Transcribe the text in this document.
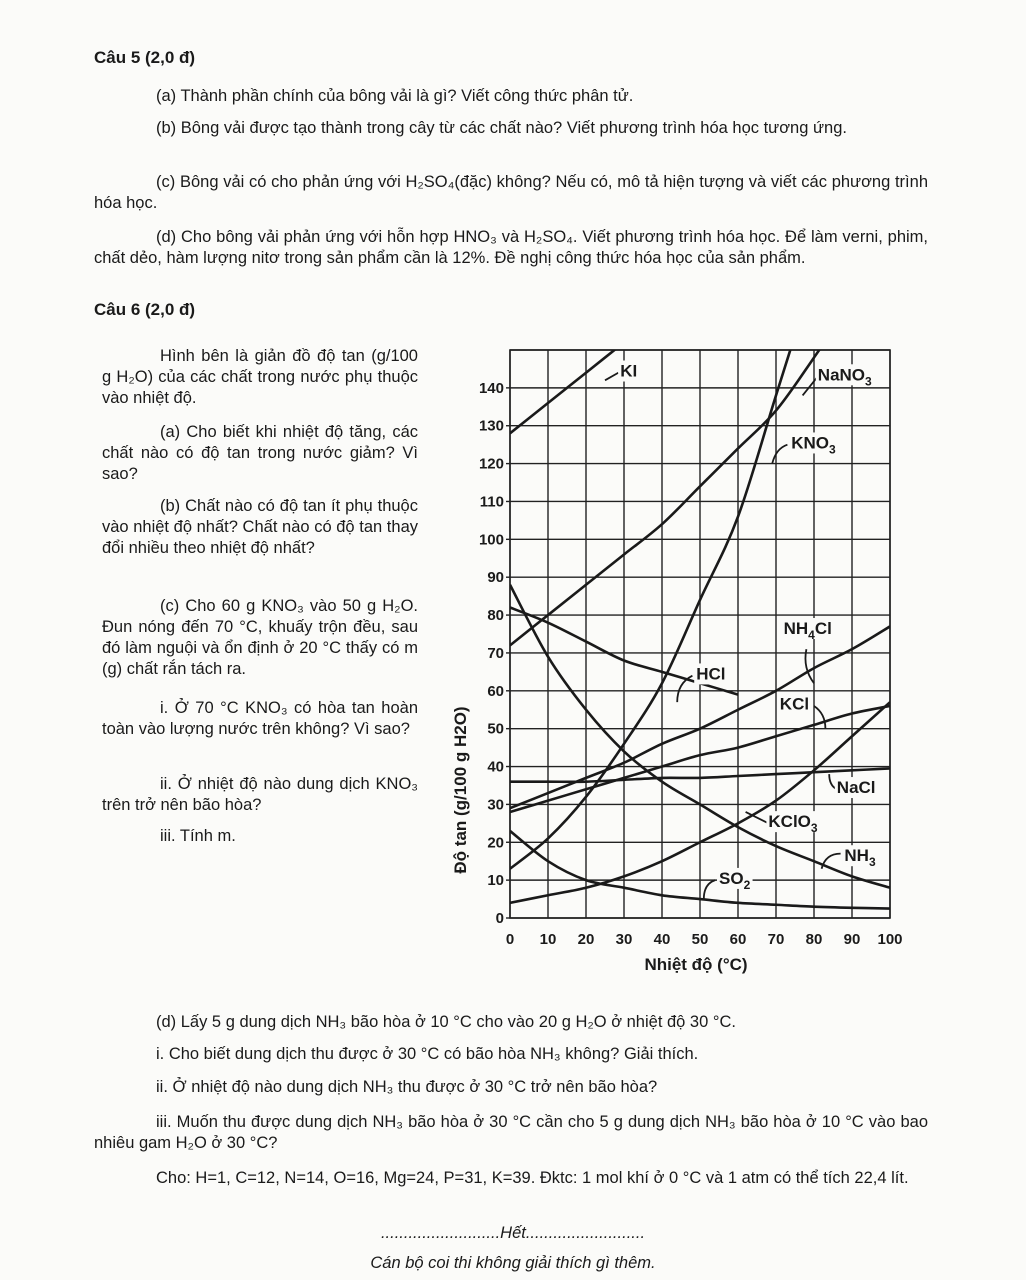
Câu 5 (2,0 đ)
(a) Thành phần chính của bông vải là gì? Viết công thức phân tử.
(b) Bông vải được tạo thành trong cây từ các chất nào? Viết phương trình hóa học tương ứng.
(c) Bông vải có cho phản ứng với H₂SO₄(đặc) không? Nếu có, mô tả hiện tượng và viết các phương trình hóa học.
(d) Cho bông vải phản ứng với hỗn hợp HNO₃ và H₂SO₄. Viết phương trình hóa học. Để làm verni, phim, chất dẻo, hàm lượng nitơ trong sản phẩm cần là 12%. Đề nghị công thức hóa học của sản phẩm.
Câu 6 (2,0 đ)
Hình bên là giản đồ độ tan (g/100 g H₂O) của các chất trong nước phụ thuộc vào nhiệt độ.
(a) Cho biết khi nhiệt độ tăng, các chất nào có độ tan trong nước giảm? Vì sao?
(b) Chất nào có độ tan ít phụ thuộc vào nhiệt độ nhất? Chất nào có độ tan thay đổi nhiều theo nhiệt độ nhất?
(c) Cho 60 g KNO₃ vào 50 g H₂O. Đun nóng đến 70 °C, khuấy trộn đều, sau đó làm nguội và ổn định ở 20 °C thấy có m (g) chất rắn tách ra.
i. Ở 70 °C KNO₃ có hòa tan hoàn toàn vào lượng nước trên không? Vì sao?
ii. Ở nhiệt độ nào dung dịch KNO₃ trên trở nên bão hòa?
iii. Tính m.
0 10 20 30 40 50 60 70 80 90 100
0
10
20
30
40
50
60
70
80
90
100
110
120
130
140
KI	NaNO$_3$
$KNO_3$
$NH_4Cl$
HCl
KCl
NaCl
KClO$_3$
$NH_3$
$SO_2$
Độ tan (g/100 g H2O)
Nhiệt độ (°C)
(d) Lấy 5 g dung dịch NH₃ bão hòa ở 10 °C cho vào 20 g H₂O ở nhiệt độ 30 °C.
i. Cho biết dung dịch thu được ở 30 °C có bão hòa NH₃ không? Giải thích.
ii. Ở nhiệt độ nào dung dịch NH₃ thu được ở 30 °C trở nên bão hòa?
iii. Muốn thu được dung dịch NH₃ bão hòa ở 30 °C cần cho 5 g dung dịch NH₃ bão hòa ở 10 °C vào bao nhiêu gam H₂O ở 30 °C?
Cho: H=1, C=12, N=14, O=16, Mg=24, P=31, K=39. Đktc: 1 mol khí ở 0 °C và 1 atm có thể tích 22,4 lít.
..........................Hết..........................
Cán bộ coi thi không giải thích gì thêm.
